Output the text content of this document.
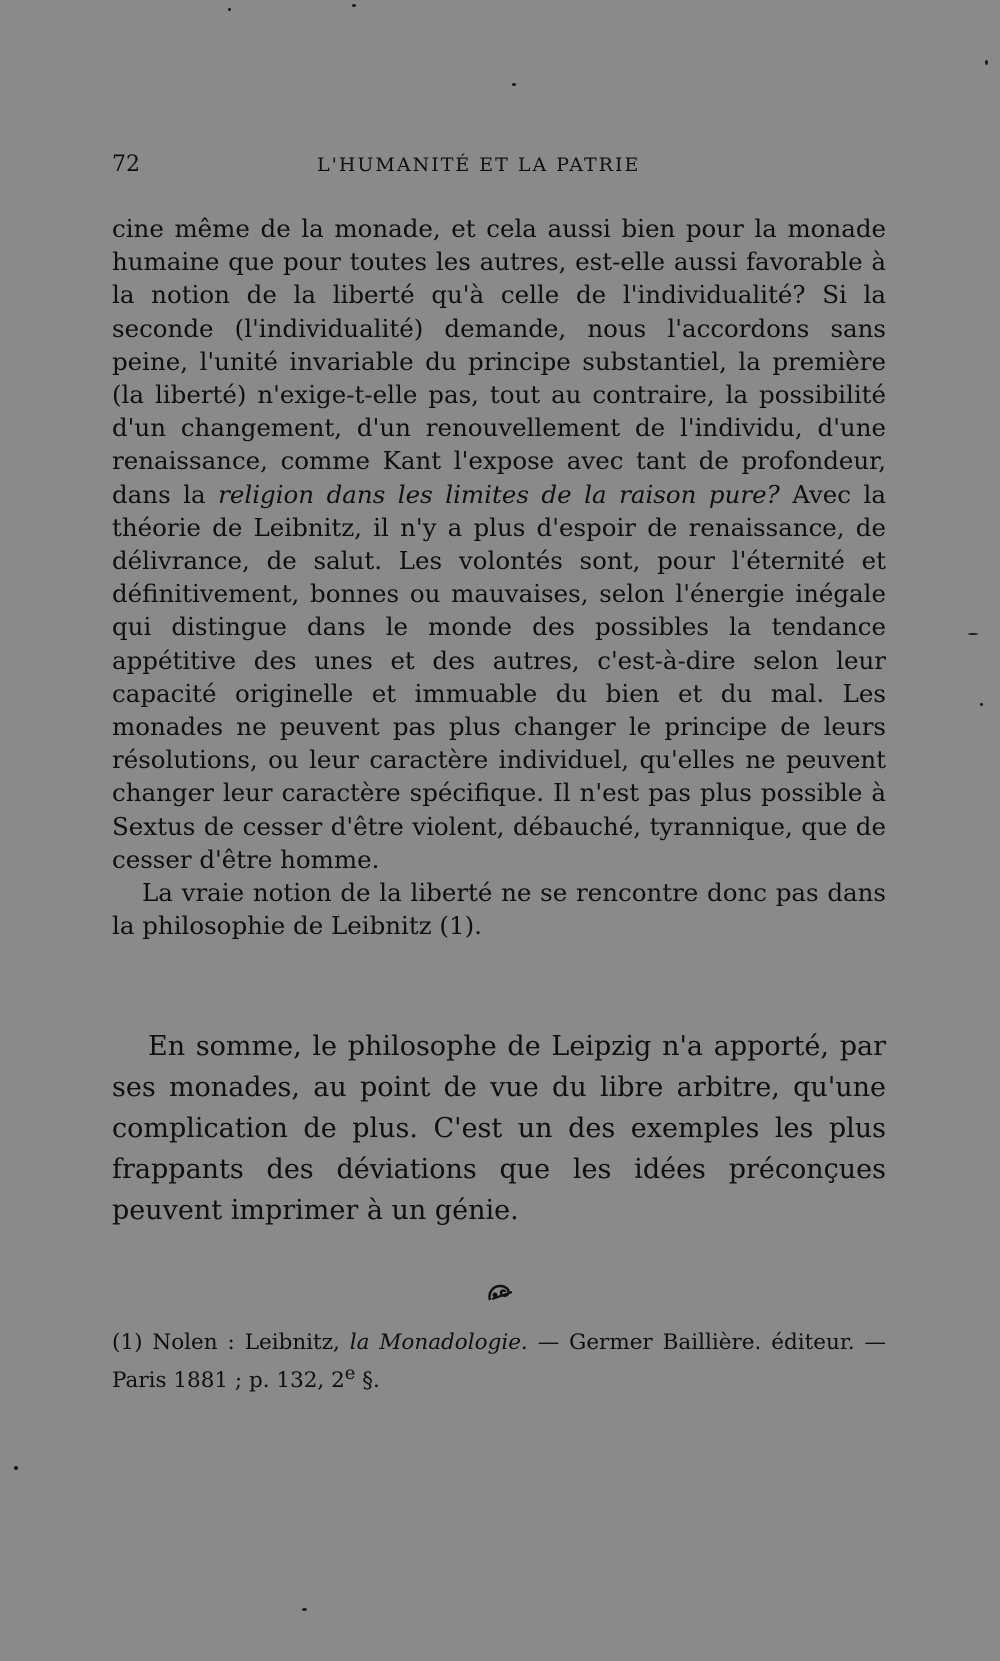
72	L'HUMANITÉ ET LA PATRIE

cine même de la monade, et cela aussi bien pour la monade humaine que pour toutes les autres, est-elle aussi favorable à la notion de la liberté qu'à celle de l'individualité? Si la seconde (l'individualité) demande, nous l'accordons sans peine, l'unité invariable du principe substantiel, la première (la liberté) n'exige-t-elle pas, tout au contraire, la possibilité d'un changement, d'un renouvellement de l'individu, d'une renaissance, comme Kant l'expose avec tant de profondeur, dans la religion dans les limites de la raison pure? Avec la théorie de Leibnitz, il n'y a plus d'espoir de renaissance, de délivrance, de salut. Les volontés sont, pour l'éternité et définitivement, bonnes ou mauvaises, selon l'énergie inégale qui distingue dans le monde des possibles la tendance appétitive des unes et des autres, c'est-à-dire selon leur capacité originelle et immuable du bien et du mal. Les monades ne peuvent pas plus changer le principe de leurs résolutions, ou leur caractère individuel, qu'elles ne peuvent changer leur caractère spécifique. Il n'est pas plus possible à Sextus de cesser d'être violent, débauché, tyrannique, que de cesser d'être homme.

La vraie notion de la liberté ne se rencontre donc pas dans la philosophie de Leibnitz (1).

En somme, le philosophe de Leipzig n'a apporté, par ses monades, au point de vue du libre arbitre, qu'une complication de plus. C'est un des exemples les plus frappants des déviations que les idées préconçues peuvent imprimer à un génie.

(1) Nolen : Leibnitz, la Monadologie. — Germer Baillière. éditeur. — Paris 1881 ; p. 132, 2e §.
